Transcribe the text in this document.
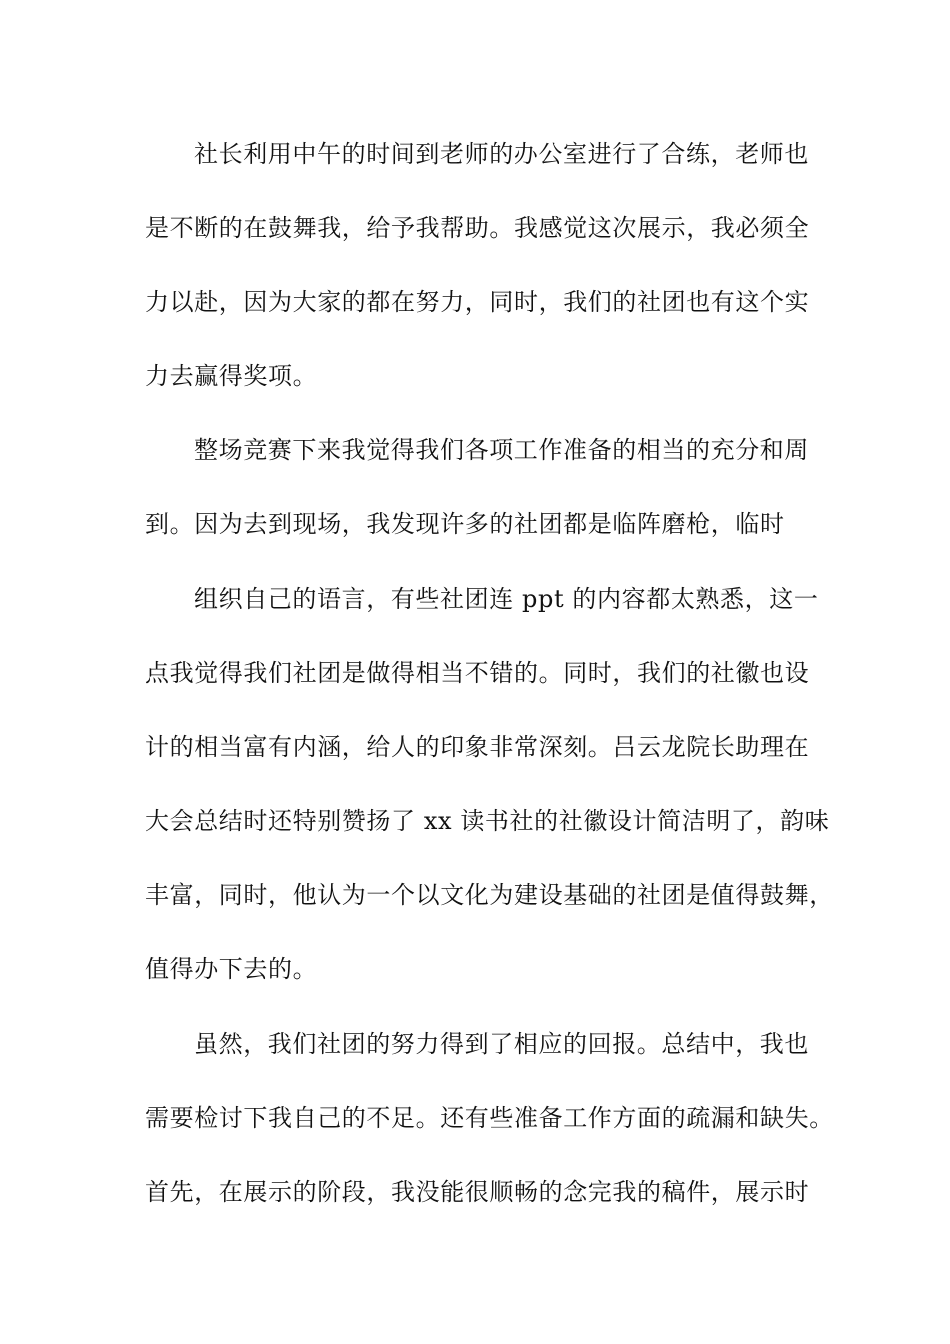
社长利用中午的时间到老师的办公室进行了合练，老师也

是不断的在鼓舞我，给予我帮助。我感觉这次展示，我必须全

力以赴，因为大家的都在努力，同时，我们的社团也有这个实

力去赢得奖项。

整场竞赛下来我觉得我们各项工作准备的相当的充分和周

到。因为去到现场，我发现许多的社团都是临阵磨枪，临时

组织自己的语言，有些社团连 ppt 的内容都太熟悉，这一

点我觉得我们社团是做得相当不错的。同时，我们的社徽也设

计的相当富有内涵，给人的印象非常深刻。吕云龙院长助理在

大会总结时还特别赞扬了 xx 读书社的社徽设计简洁明了，韵味

丰富，同时，他认为一个以文化为建设基础的社团是值得鼓舞，

值得办下去的。

虽然，我们社团的努力得到了相应的回报。总结中，我也

需要检讨下我自己的不足。还有些准备工作方面的疏漏和缺失。

首先，在展示的阶段，我没能很顺畅的念完我的稿件，展示时
